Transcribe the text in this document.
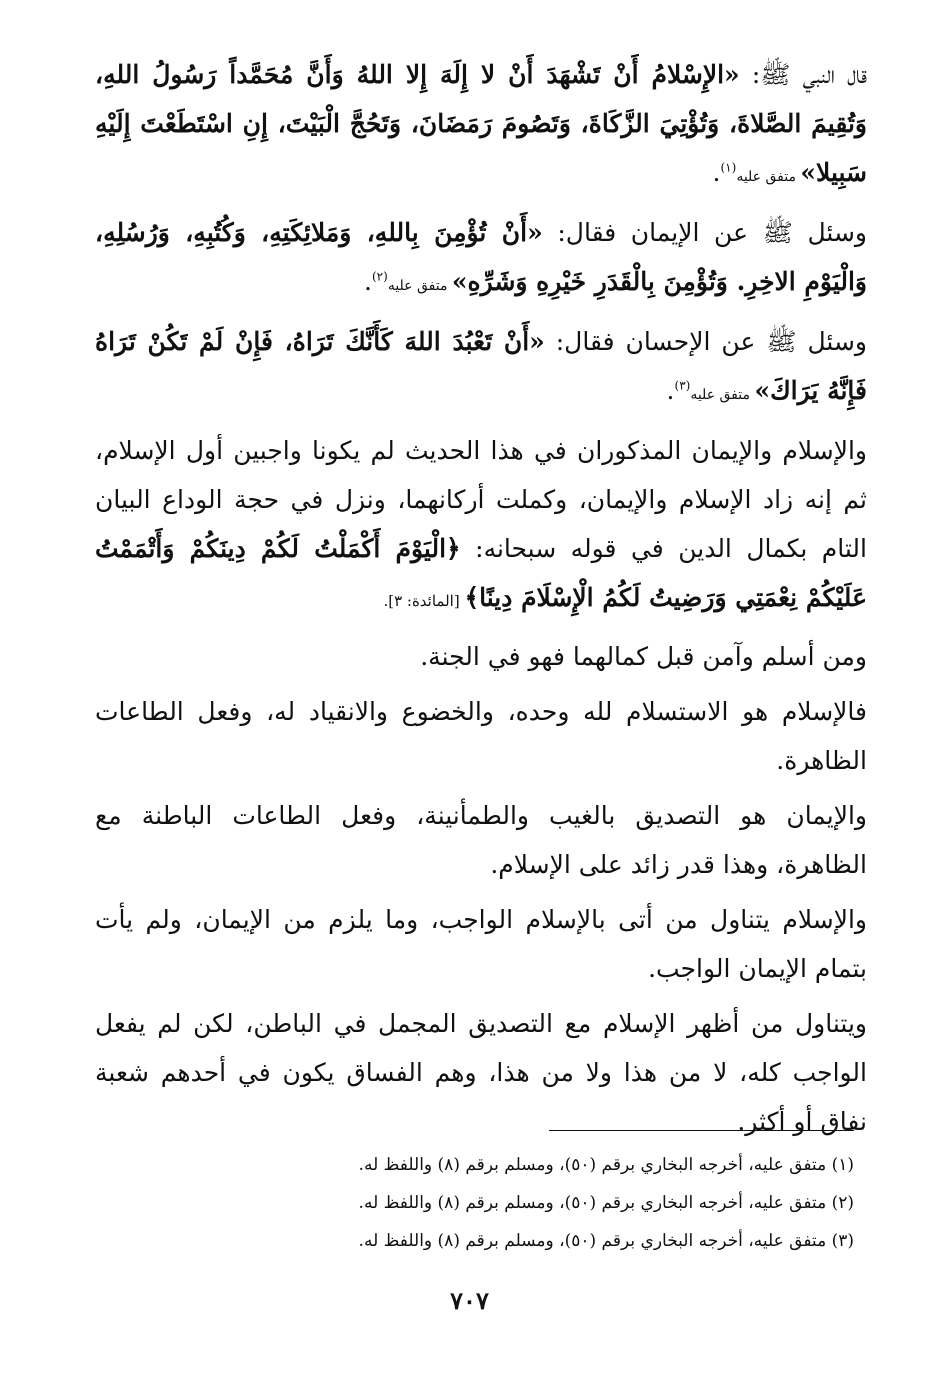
قال النبي ﷺ: «الإِسْلامُ أَنْ تَشْهَدَ أَنْ لا إِلَهَ إِلا اللهُ وَأَنَّ مُحَمَّداً رَسُولُ اللهِ، وَتُقِيمَ الصَّلاةَ، وَتُؤْتِيَ الزَّكَاةَ، وَتَصُومَ رَمَضَانَ، وَتَحُجَّ الْبَيْتَ، إِنِ اسْتَطَعْتَ إِلَيْهِ سَبِيلا» متفق عليه$^{(١)}$.

وسئل ﷺ عن الإيمان فقال: «أَنْ تُؤْمِنَ بِاللهِ، وَمَلائِكَتِهِ، وَكُتُبِهِ، وَرُسُلِهِ، وَالْيَوْمِ الاخِرِ. وَتُؤْمِنَ بِالْقَدَرِ خَيْرِهِ وَشَرِّهِ» متفق عليه$^{(٢)}$.

وسئل ﷺ عن الإحسان فقال: «أَنْ تَعْبُدَ اللهَ كَأَنَّكَ تَرَاهُ، فَإِنْ لَمْ تَكُنْ تَرَاهُ فَإِنَّهُ يَرَاكَ» متفق عليه$^{(٣)}$.

والإسلام والإيمان المذكوران في هذا الحديث لم يكونا واجبين أول الإسلام، ثم إنه زاد الإسلام والإيمان، وكملت أركانهما، ونزل في حجة الوداع البيان التام بكمال الدين في قوله سبحانه: ﴿الْيَوْمَ أَكْمَلْتُ لَكُمْ دِينَكُمْ وَأَتْمَمْتُ عَلَيْكُمْ نِعْمَتِي وَرَضِيتُ لَكُمُ الْإِسْلَامَ دِينًا﴾ [المائدة: ٣].

ومن أسلم وآمن قبل كمالهما فهو في الجنة.

فالإسلام هو الاستسلام لله وحده، والخضوع والانقياد له، وفعل الطاعات الظاهرة.

والإيمان هو التصديق بالغيب والطمأنينة، وفعل الطاعات الباطنة مع الظاهرة، وهذا قدر زائد على الإسلام.

والإسلام يتناول من أتى بالإسلام الواجب، وما يلزم من الإيمان، ولم يأت بتمام الإيمان الواجب.

ويتناول من أظهر الإسلام مع التصديق المجمل في الباطن، لكن لم يفعل الواجب كله، لا من هذا ولا من هذا، وهم الفساق يكون في أحدهم شعبة نفاق أو أكثر.

(١) متفق عليه، أخرجه البخاري برقم (٥٠)، ومسلم برقم (٨) واللفظ له.
(٢) متفق عليه، أخرجه البخاري برقم (٥٠)، ومسلم برقم (٨) واللفظ له.
(٣) متفق عليه، أخرجه البخاري برقم (٥٠)، ومسلم برقم (٨) واللفظ له.
٧٠٧
